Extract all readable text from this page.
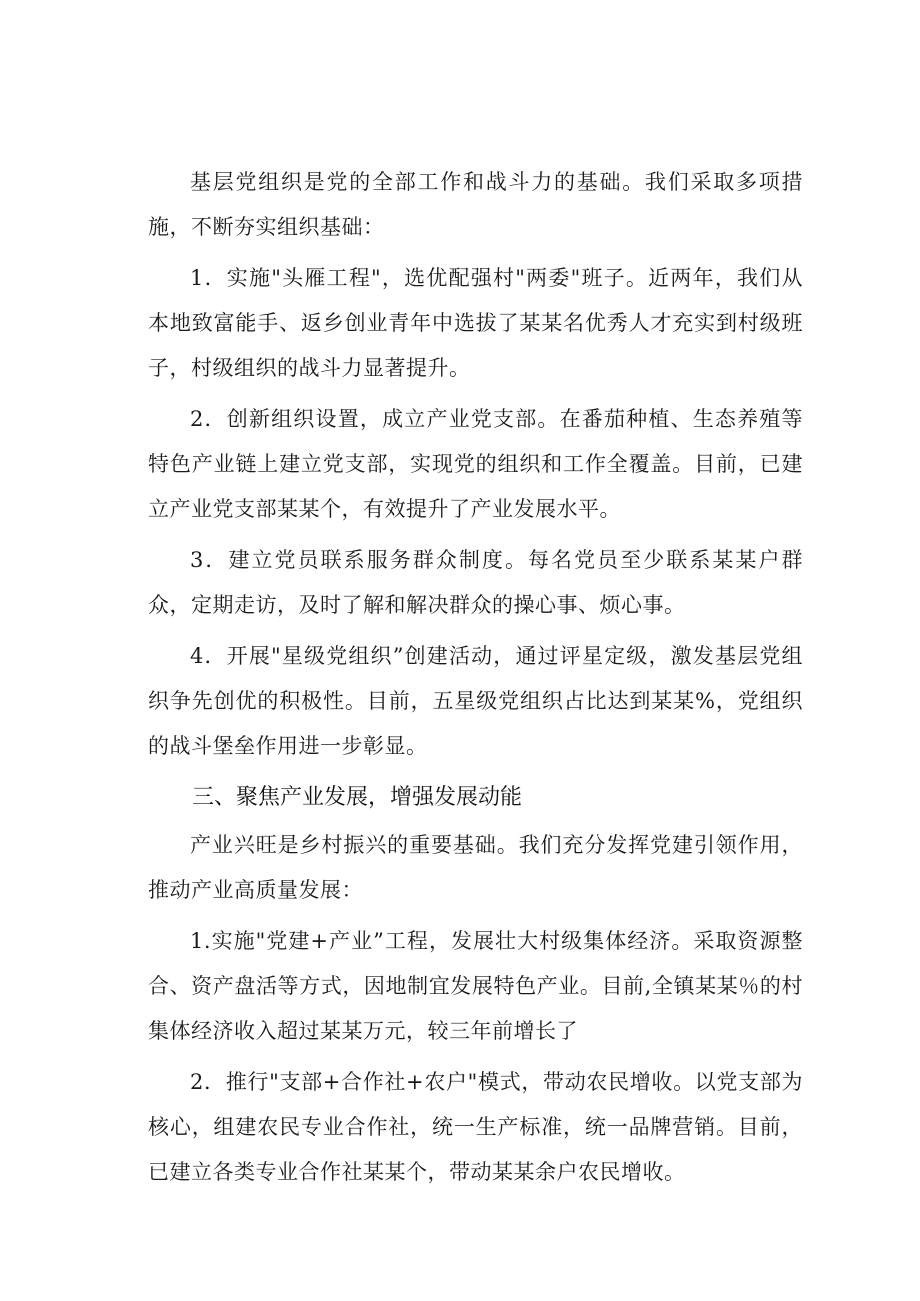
基层党组织是党的全部工作和战斗力的基础。我们采取多项措施，不断夯实组织基础：

1．实施"头雁工程"，选优配强村"两委"班子。近两年，我们从本地致富能手、返乡创业青年中选拔了某某名优秀人才充实到村级班子，村级组织的战斗力显著提升。

2．创新组织设置，成立产业党支部。在番茄种植、生态养殖等特色产业链上建立党支部，实现党的组织和工作全覆盖。目前，已建立产业党支部某某个，有效提升了产业发展水平。

3．建立党员联系服务群众制度。每名党员至少联系某某户群众，定期走访，及时了解和解决群众的操心事、烦心事。

4．开展"星级党组织”创建活动，通过评星定级，激发基层党组织争先创优的积极性。目前，五星级党组织占比达到某某%，党组织的战斗堡垒作用进一步彰显。

三、聚焦产业发展，增强发展动能

产业兴旺是乡村振兴的重要基础。我们充分发挥党建引领作用，推动产业高质量发展：

1.实施"党建+产业”工程，发展壮大村级集体经济。采取资源整合、资产盘活等方式，因地制宜发展特色产业。目前,全镇某某％的村集体经济收入超过某某万元，较三年前增长了

2．推行"支部+合作社+农户"模式，带动农民增收。以党支部为核心，组建农民专业合作社，统一生产标准，统一品牌营销。目前，已建立各类专业合作社某某个，带动某某余户农民增收。
